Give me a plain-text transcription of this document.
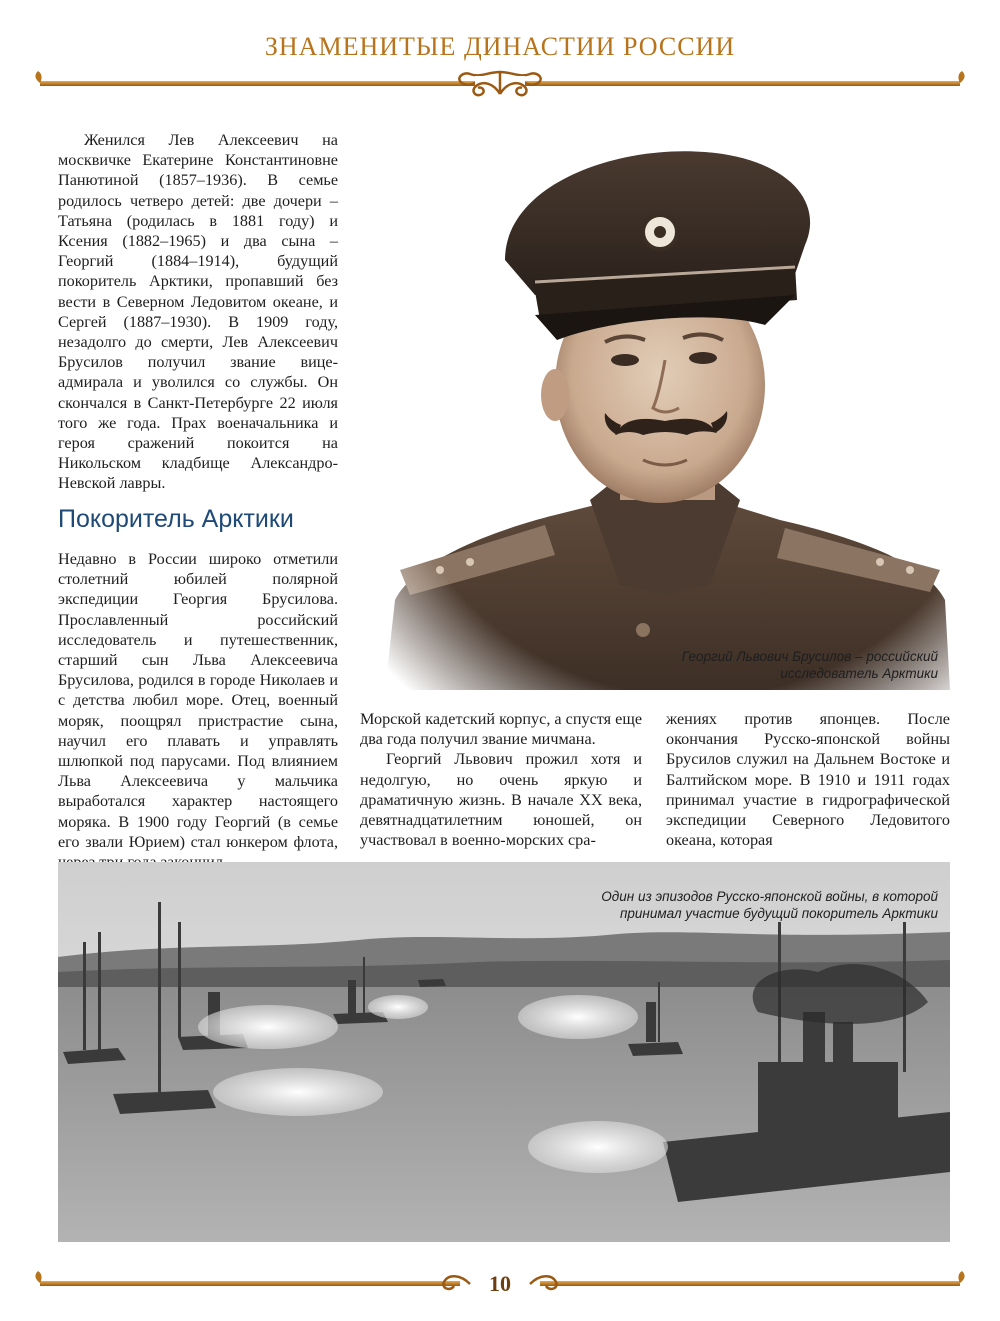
ЗНАМЕНИТЫЕ ДИНАСТИИ РОССИИ

Женился Лев Алексеевич на москвичке Екатерине Константиновне Панютиной (1857–1936). В семье родилось четверо детей: две дочери – Татьяна (родилась в 1881 году) и Ксения (1882–1965) и два сына – Георгий (1884–1914), будущий покоритель Арктики, пропавший без вести в Северном Ледовитом океане, и Сергей (1887–1930). В 1909 году, незадолго до смерти, Лев Алексеевич Брусилов получил звание вице-адмирала и уволился со службы. Он скончался в Санкт-Петербурге 22 июля того же года. Прах военачальника и героя сражений покоится на Никольском кладбище Александро-Невской лавры.

Покоритель Арктики

Недавно в России широко отметили столетний юбилей полярной экспедиции Георгия Брусилова. Прославленный российский исследователь и путешественник, старший сын Льва Алексеевича Брусилова, родился в городе Николаев и с детства любил море. Отец, военный моряк, поощрял пристрастие сына, научил его плавать и управлять шлюпкой под парусами. Под влиянием Льва Алексеевича у мальчика выработался характер настоящего моряка. В 1900 году Георгий (в семье его звали Юрием) стал юнкером флота,

Морской кадетский корпус, а спустя еще два года получил звание мичмана.

Георгий Львович прожил хотя и недолгую, но очень яркую и драматичную жизнь. В начале XX века, девятнадцатилетним юношей, он участвовал в военно-морских сра-

жениях против японцев. После окончания Русско-японской войны Брусилов служил на Дальнем Востоке и Балтийском море. В 1910 и 1911 годах принимал участие в гидрографической экспедиции Северного Ледовитого океана, которая

Георгий Львович Брусилов – российский исследователь Арктики
Один из эпизодов Русско-японской войны, в которой принимал участие будущий покоритель Арктики
10
